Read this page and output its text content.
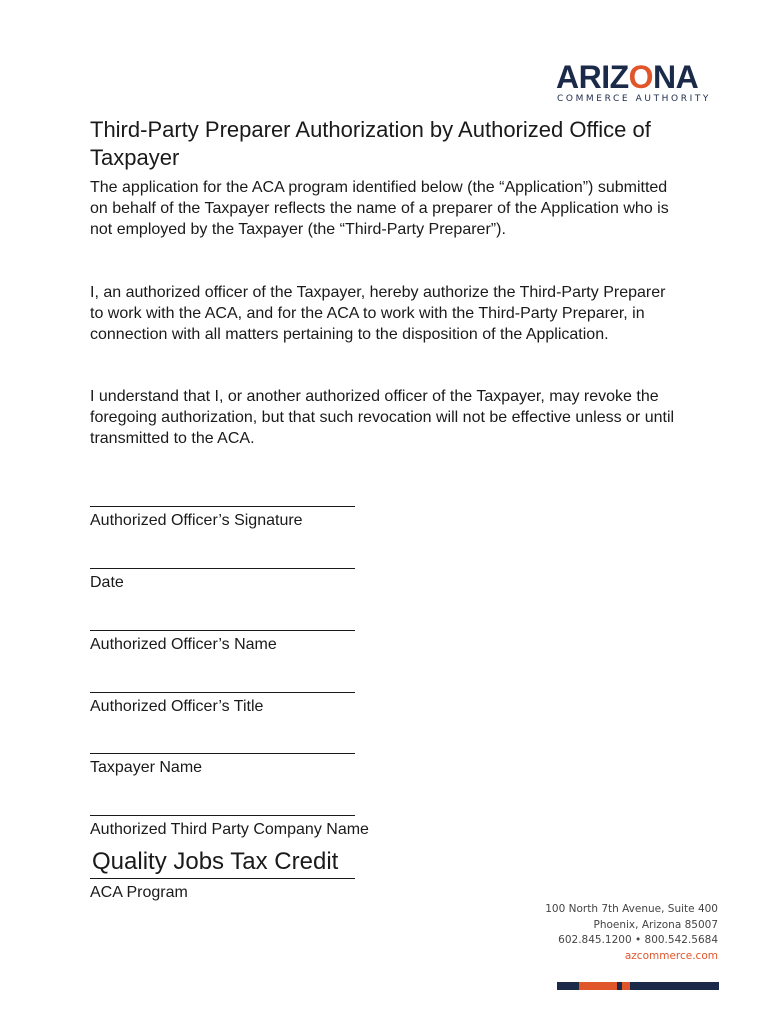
ARIZONA
COMMERCE AUTHORITY
Third-Party Preparer Authorization by Authorized Office of Taxpayer

The application for the ACA program identified below (the “Application”) submitted on behalf of the Taxpayer reflects the name of a preparer of the Application who is not employed by the Taxpayer (the “Third-Party Preparer”).

I, an authorized officer of the Taxpayer, hereby authorize the Third-Party Preparer to work with the ACA, and for the ACA to work with the Third-Party Preparer, in connection with all matters pertaining to the disposition of the Application.

I understand that I, or another authorized officer of the Taxpayer, may revoke the foregoing authorization, but that such revocation will not be effective unless or until transmitted to the ACA.

Authorized Officer’s Signature
Date
Authorized Officer’s Name
Authorized Officer’s Title
Taxpayer Name
Authorized Third Party Company Name
Quality Jobs Tax Credit
ACA Program
100 North 7th Avenue, Suite 400
Phoenix, Arizona 85007
602.845.1200 • 800.542.5684
azcommerce.com
